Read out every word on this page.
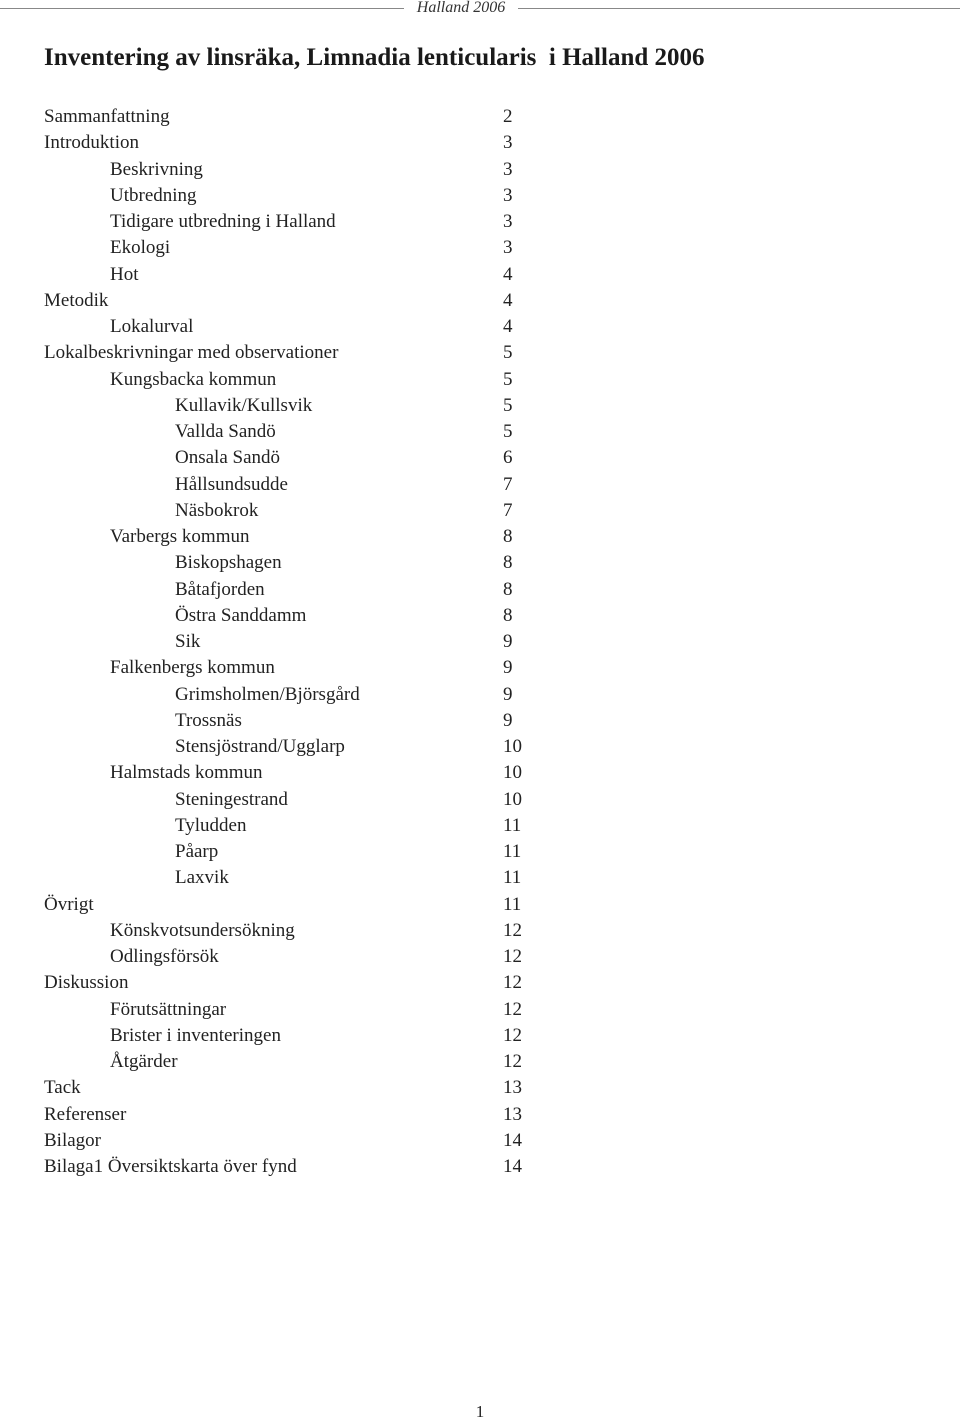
Halland 2006
Inventering av linsräka, Limnadia lenticularis  i Halland 2006
Sammanfattning	2
Introduktion	3
Beskrivning	3
Utbredning	3
Tidigare utbredning i Halland	3
Ekologi	3
Hot	4
Metodik	4
Lokalurval	4
Lokalbeskrivningar med observationer	5
Kungsbacka kommun	5
Kullavik/Kullsvik	5
Vallda Sandö	5
Onsala Sandö	6
Hållsundsudde	7
Näsbokrok	7
Varbergs kommun	8
Biskopshagen	8
Båtafjorden	8
Östra Sanddamm	8
Sik	9
Falkenbergs kommun	9
Grimsholmen/Björsgård	9
Trossnäs	9
Stensjöstrand/Ugglarp	10
Halmstads kommun	10
Steningestrand	10
Tyludden	11
Påarp	11
Laxvik	11
Övrigt	11
Könskvotsundersökning	12
Odlingsförsök	12
Diskussion	12
Förutsättningar	12
Brister i inventeringen	12
Åtgärder	12
Tack	13
Referenser	13
Bilagor	14
Bilaga1 Översiktskarta över fynd	14
1
